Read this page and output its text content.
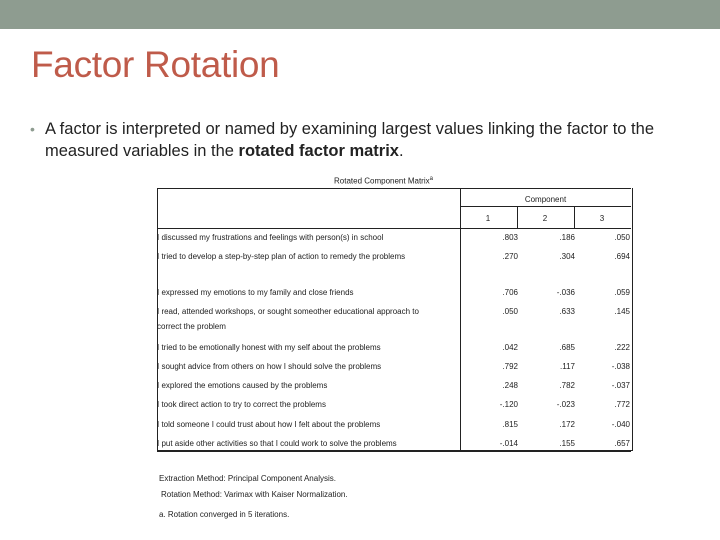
Factor Rotation
• A factor is interpreted or named by examining largest values linking the factor to the measured variables in the rotated factor matrix.
Rotated Component Matrix$^a$
Component
1	2	3
I discussed my frustrations and feelings with person(s) in school	.803	.186	.050
I tried to develop a step-by-step plan of action to remedy the problems	.270	.304	.694
I expressed my emotions to my family and close friends	.706	-.036	.059
I read, attended workshops, or sought someother educational approach to
correct the problem
.050	.633	.145
I tried to be emotionally honest with my self about the problems	.042	.685	.222
I sought advice from others on how I should solve the problems	.792	.117	-.038
I explored the emotions caused by the problems	.248	.782	-.037
I took direct action to try to correct the problems	-.120	-.023	.772
I told someone I could trust about how I felt about the problems	.815	.172	-.040
I put aside other activities so that I could work to solve the problems	-.014	.155	.657
Extraction Method: Principal Component Analysis.
Rotation Method: Varimax with Kaiser Normalization.
a. Rotation converged in 5 iterations.
